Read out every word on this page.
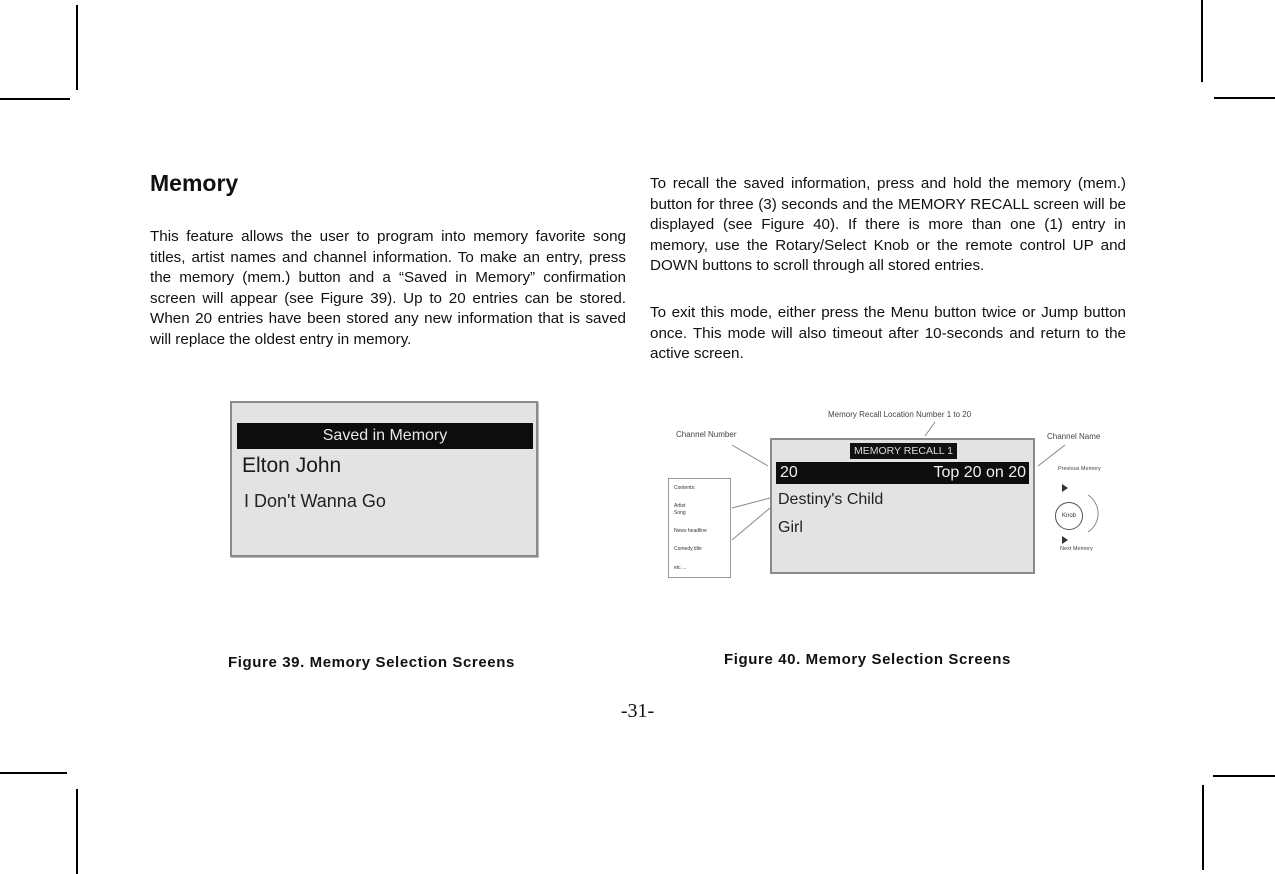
Memory

This feature allows the user to program into memory favorite song titles, artist names and channel information. To make an entry, press the memory (mem.) button and a “Saved in Memory” confirmation screen will appear (see Figure 39). Up to 20 entries can be stored. When 20 entries have been stored any new information that is saved will replace the oldest entry in memory.

To recall the saved information, press and hold the memory (mem.) button for three (3) seconds and the MEMORY RECALL screen will be displayed (see Figure 40). If there is more than one (1) entry in memory, use the Rotary/Select Knob or the remote control UP and DOWN buttons to scroll through all stored entries.

To exit this mode, either press the Menu button twice or Jump button once. This mode will also timeout after 10-seconds and return to the active screen.

Saved in Memory
Elton John
I Don't Wanna Go
Figure 39. Memory Selection Screens
Memory Recall Location Number 1 to 20
Channel Number	Channel Name
MEMORY RECALL 1
20	Top 20 on 20
Destiny's Child
Girl
Contents:
Artist
Song
News headline
Comedy title
etc ...
Previous Memory
Knob
Next Memory
Figure 40. Memory Selection Screens
-31-
